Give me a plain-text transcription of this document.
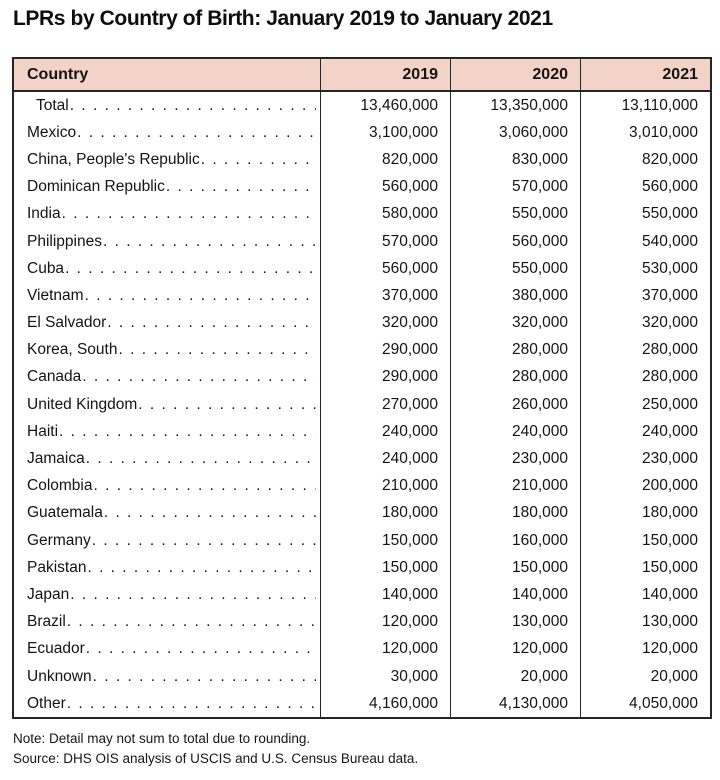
LPRs by Country of Birth: January 2019 to January 2021
Country	2019	2020	2021
Total . . .	13,460,000	13,350,000	13,110,000
Mexico . . .	3,100,000	3,060,000	3,010,000
China, People's Republic . . .	820,000	830,000	820,000
Dominican Republic . . .	560,000	570,000	560,000
India . . .	580,000	550,000	550,000
Philippines . . .	570,000	560,000	540,000
Cuba . . .	560,000	550,000	530,000
Vietnam . . .	370,000	380,000	370,000
El Salvador . . .	320,000	320,000	320,000
Korea, South . . .	290,000	280,000	280,000
Canada . . .	290,000	280,000	280,000
United Kingdom . . .	270,000	260,000	250,000
Haiti . . .	240,000	240,000	240,000
Jamaica . . .	240,000	230,000	230,000
Colombia . . .	210,000	210,000	200,000
Guatemala . . .	180,000	180,000	180,000
Germany . . .	150,000	160,000	150,000
Pakistan . . .	150,000	150,000	150,000
Japan . . .	140,000	140,000	140,000
Brazil . . .	120,000	130,000	130,000
Ecuador . . .	120,000	120,000	120,000
Unknown . . .	30,000	20,000	20,000
Other . . .	4,160,000	4,130,000	4,050,000
Note: Detail may not sum to total due to rounding.
Source: DHS OIS analysis of USCIS and U.S. Census Bureau data.
